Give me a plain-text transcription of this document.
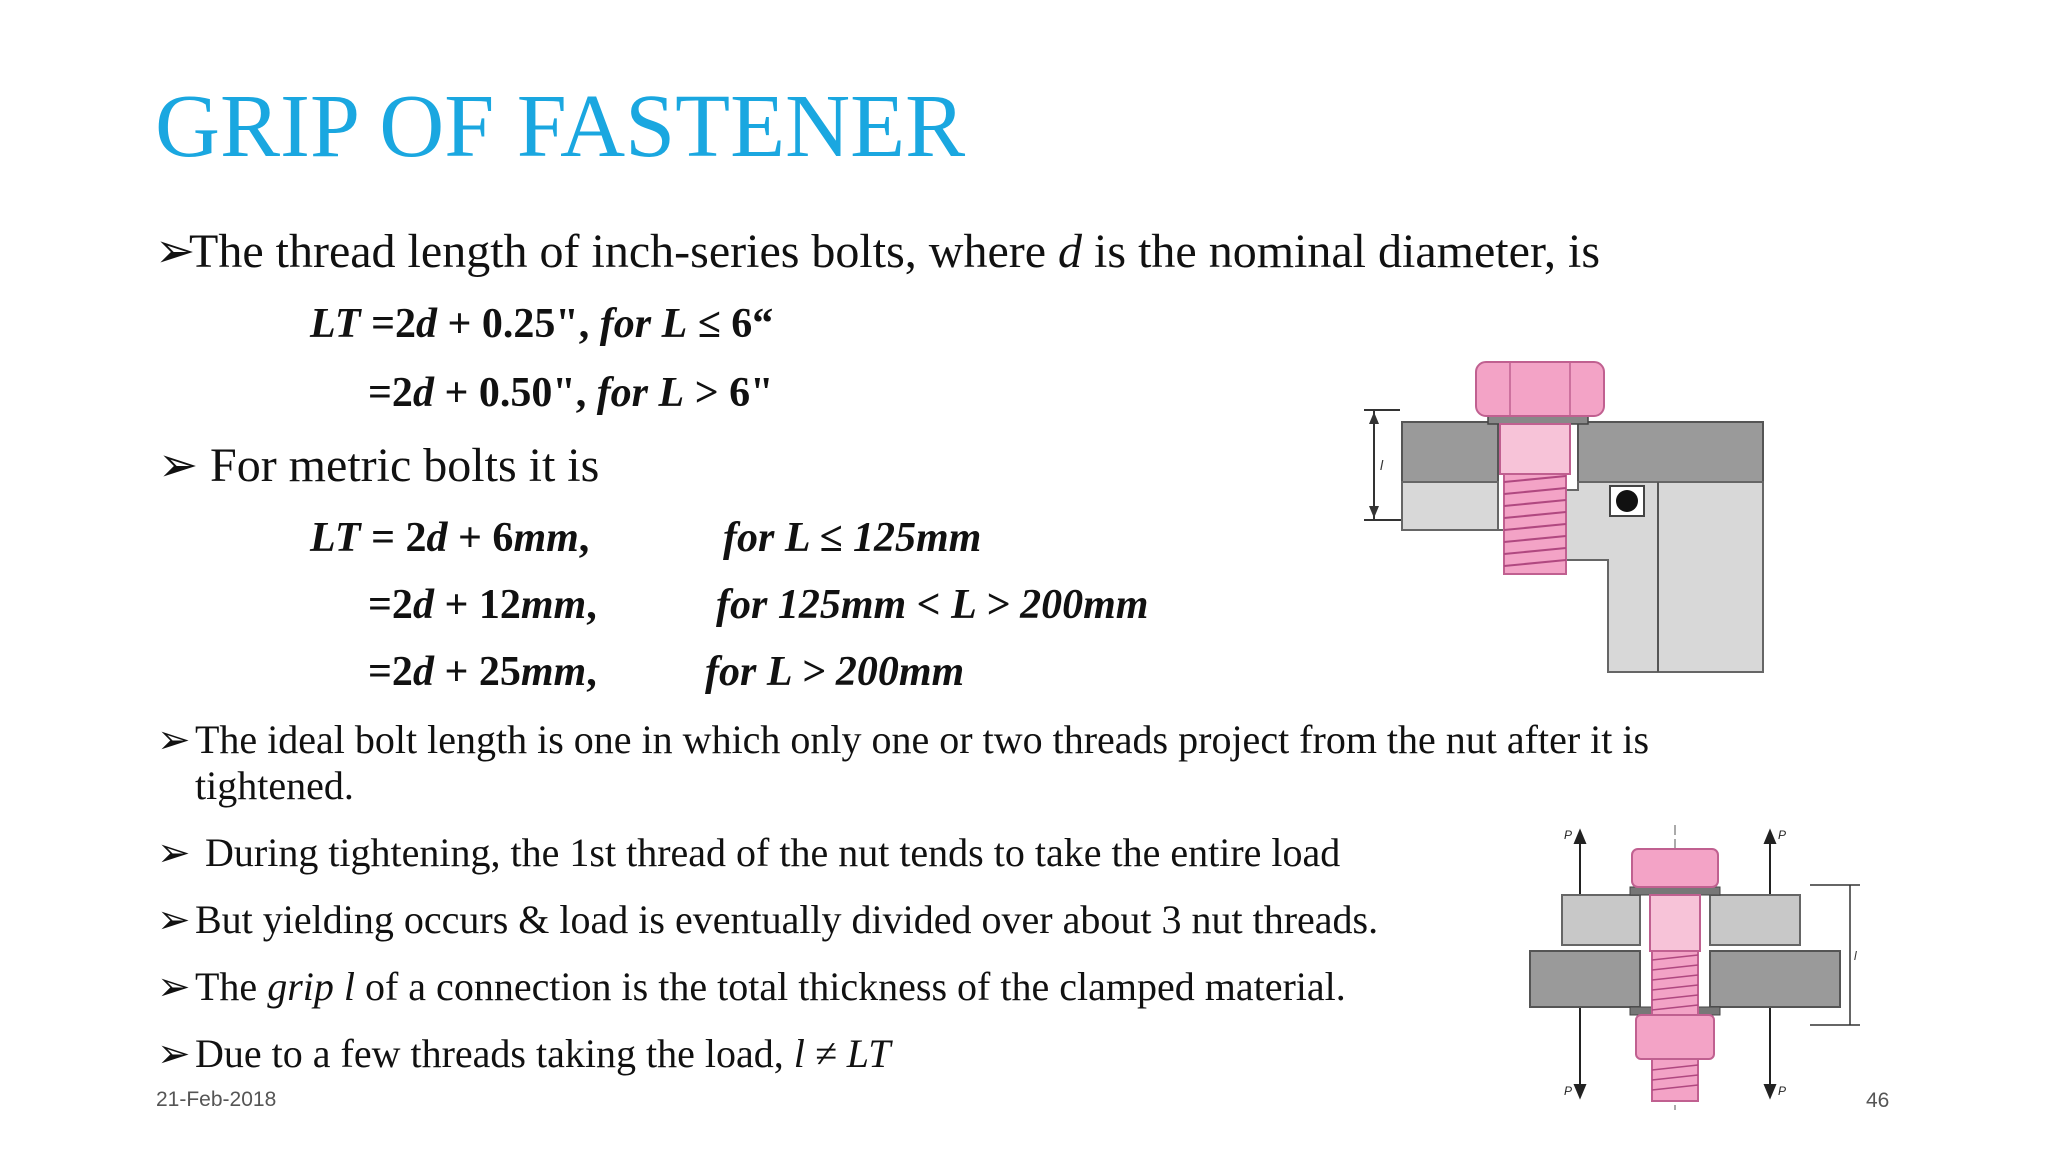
GRIP OF FASTENER
➢The thread length of inch-series bolts, where d is the nominal diameter, is
LT =2d + 0.25", for L ≤ 6“
=2d + 0.50", for L > 6"
➢ For metric bolts it is
LT = 2d + 6mm,	for L ≤ 125mm
=2d + 12mm,	for 125mm < L > 200mm
=2d + 25mm,	for L > 200mm
➢ The ideal bolt length is one in which only one or two threads project from the nut after it is
tightened.
➢ During tightening, the 1st thread of the nut tends to take the entire load
➢ But yielding occurs & load is eventually divided over about 3 nut threads.
➢ The grip l of a connection is the total thickness of the clamped material.
➢ Due to a few threads taking the load, l ≠ LT
l
P	P
P	P
l
21-Feb-2018	46
